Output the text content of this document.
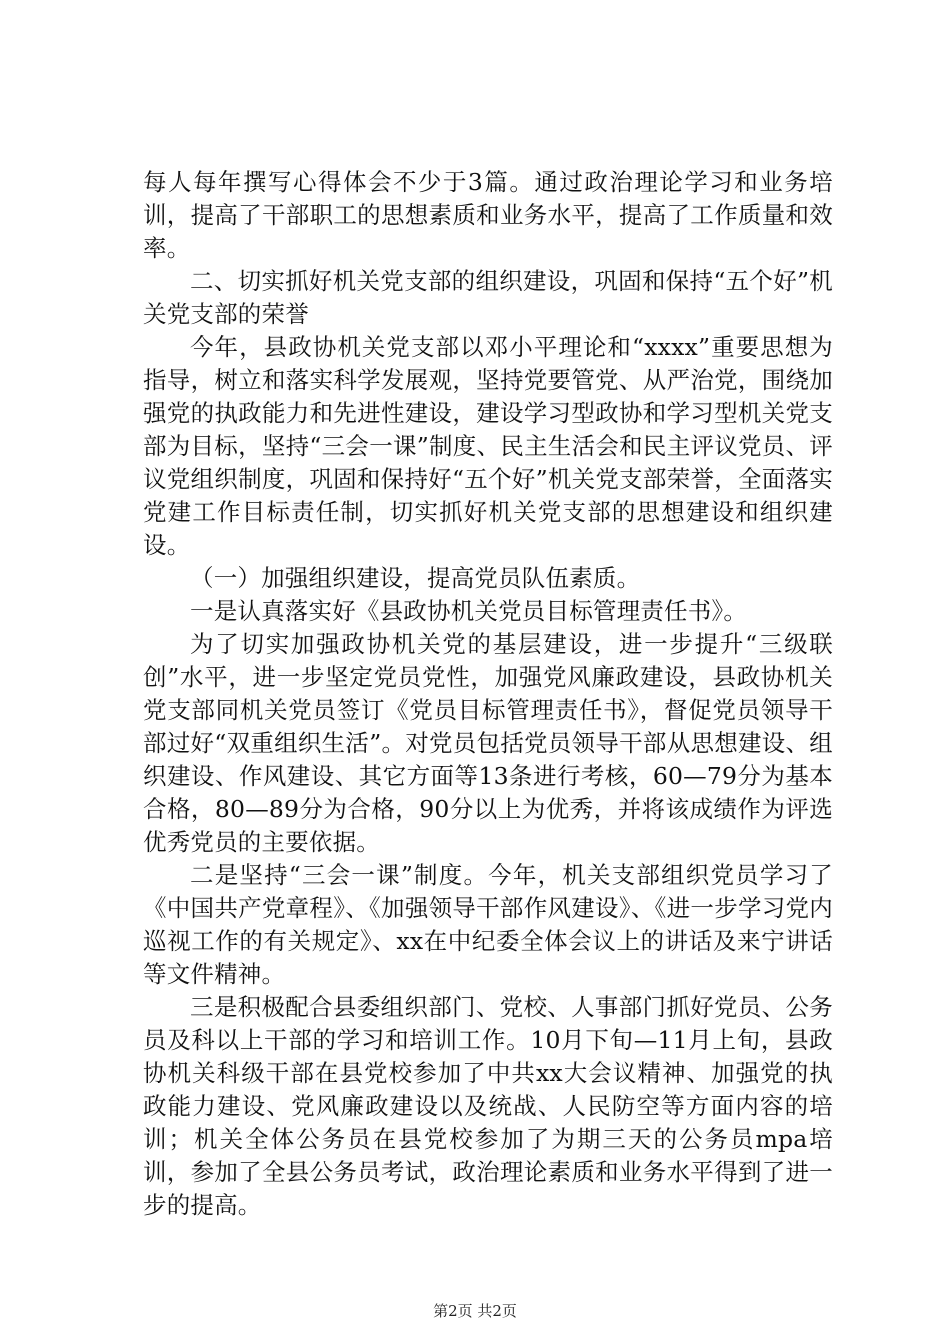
每人每年撰写心得体会不少于3篇。通过政治理论学习和业务培训，提高了干部职工的思想素质和业务水平，提高了工作质量和效率。

二、切实抓好机关党支部的组织建设，巩固和保持“五个好”机关党支部的荣誉

今年，县政协机关党支部以邓小平理论和“xxxx”重要思想为指导，树立和落实科学发展观，坚持党要管党、从严治党，围绕加强党的执政能力和先进性建设，建设学习型政协和学习型机关党支部为目标，坚持“三会一课”制度、民主生活会和民主评议党员、评议党组织制度，巩固和保持好“五个好”机关党支部荣誉，全面落实党建工作目标责任制，切实抓好机关党支部的思想建设和组织建设。

（一）加强组织建设，提高党员队伍素质。

一是认真落实好《县政协机关党员目标管理责任书》。

为了切实加强政协机关党的基层建设，进一步提升“三级联创”水平，进一步坚定党员党性，加强党风廉政建设，县政协机关党支部同机关党员签订《党员目标管理责任书》，督促党员领导干部过好“双重组织生活”。对党员包括党员领导干部从思想建设、组织建设、作风建设、其它方面等13条进行考核，60—79分为基本合格，80—89分为合格，90分以上为优秀，并将该成绩作为评选优秀党员的主要依据。

二是坚持“三会一课”制度。今年，机关支部组织党员学习了《中国共产党章程》、《加强领导干部作风建设》、《进一步学习党内巡视工作的有关规定》、xx在中纪委全体会议上的讲话及来宁讲话等文件精神。

三是积极配合县委组织部门、党校、人事部门抓好党员、公务员及科以上干部的学习和培训工作。10月下旬—11月上旬，县政协机关科级干部在县党校参加了中共xx大会议精神、加强党的执政能力建设、党风廉政建设以及统战、人民防空等方面内容的培训；机关全体公务员在县党校参加了为期三天的公务员mpa培训，参加了全县公务员考试，政治理论素质和业务水平得到了进一步的提高。

第2页 共2页
